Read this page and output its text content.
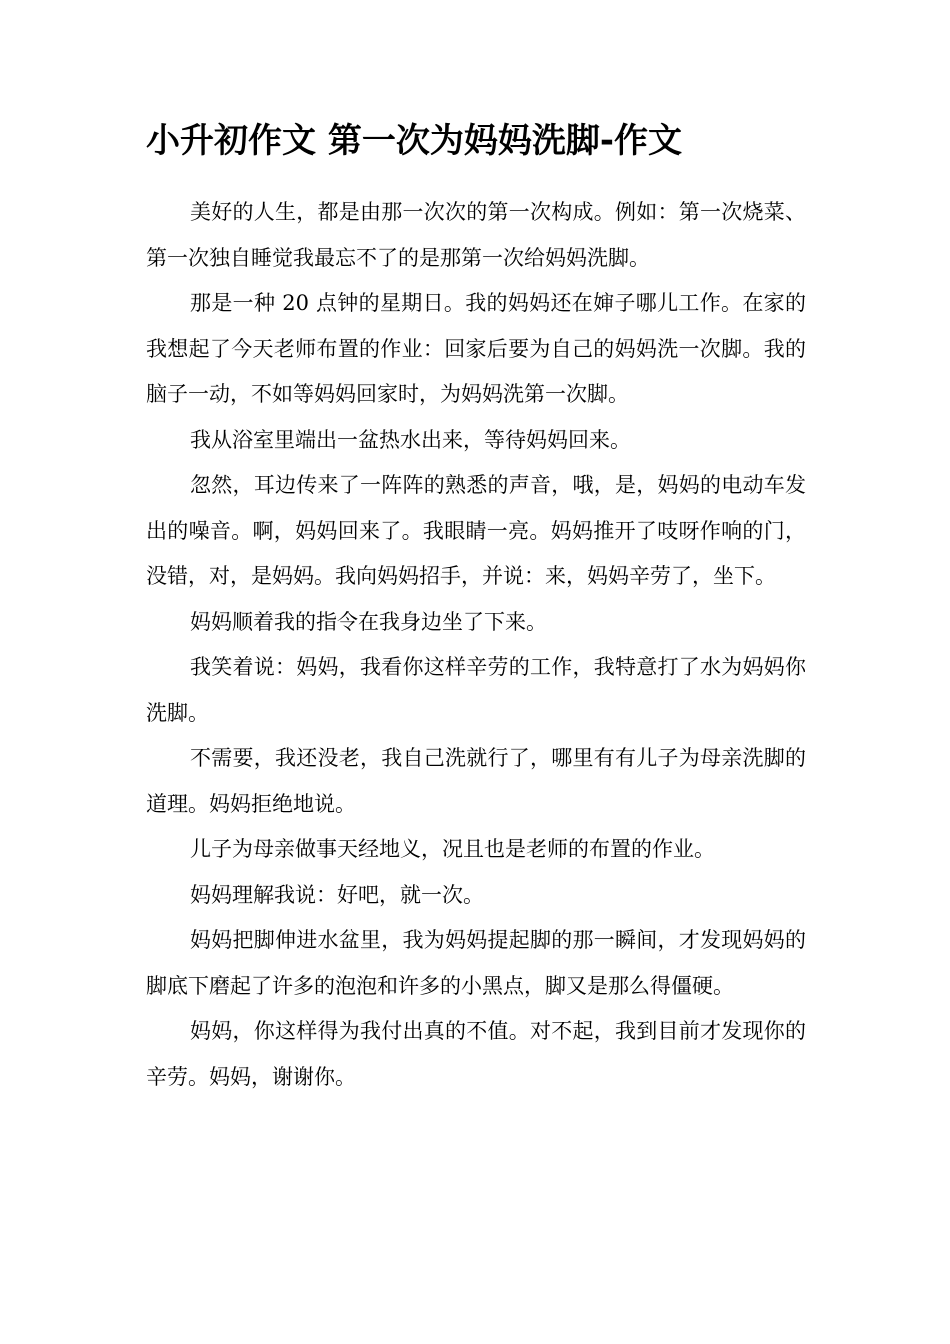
小升初作文 第一次为妈妈洗脚-作文

美好的人生，都是由那一次次的第一次构成。例如：第一次烧菜、第一次独自睡觉我最忘不了的是那第一次给妈妈洗脚。

那是一种 20 点钟的星期日。我的妈妈还在婶子哪儿工作。在家的我想起了今天老师布置的作业：回家后要为自己的妈妈洗一次脚。我的脑子一动，不如等妈妈回家时，为妈妈洗第一次脚。

我从浴室里端出一盆热水出来，等待妈妈回来。

忽然，耳边传来了一阵阵的熟悉的声音，哦，是，妈妈的电动车发出的噪音。啊，妈妈回来了。我眼睛一亮。妈妈推开了吱呀作响的门，没错，对，是妈妈。我向妈妈招手，并说：来，妈妈辛劳了，坐下。

妈妈顺着我的指令在我身边坐了下来。

我笑着说：妈妈，我看你这样辛劳的工作，我特意打了水为妈妈你洗脚。

不需要，我还没老，我自己洗就行了，哪里有有儿子为母亲洗脚的道理。妈妈拒绝地说。

儿子为母亲做事天经地义，况且也是老师的布置的作业。

妈妈理解我说：好吧，就一次。

妈妈把脚伸进水盆里，我为妈妈提起脚的那一瞬间，才发现妈妈的脚底下磨起了许多的泡泡和许多的小黑点，脚又是那么得僵硬。

妈妈，你这样得为我付出真的不值。对不起，我到目前才发现你的辛劳。妈妈，谢谢你。
